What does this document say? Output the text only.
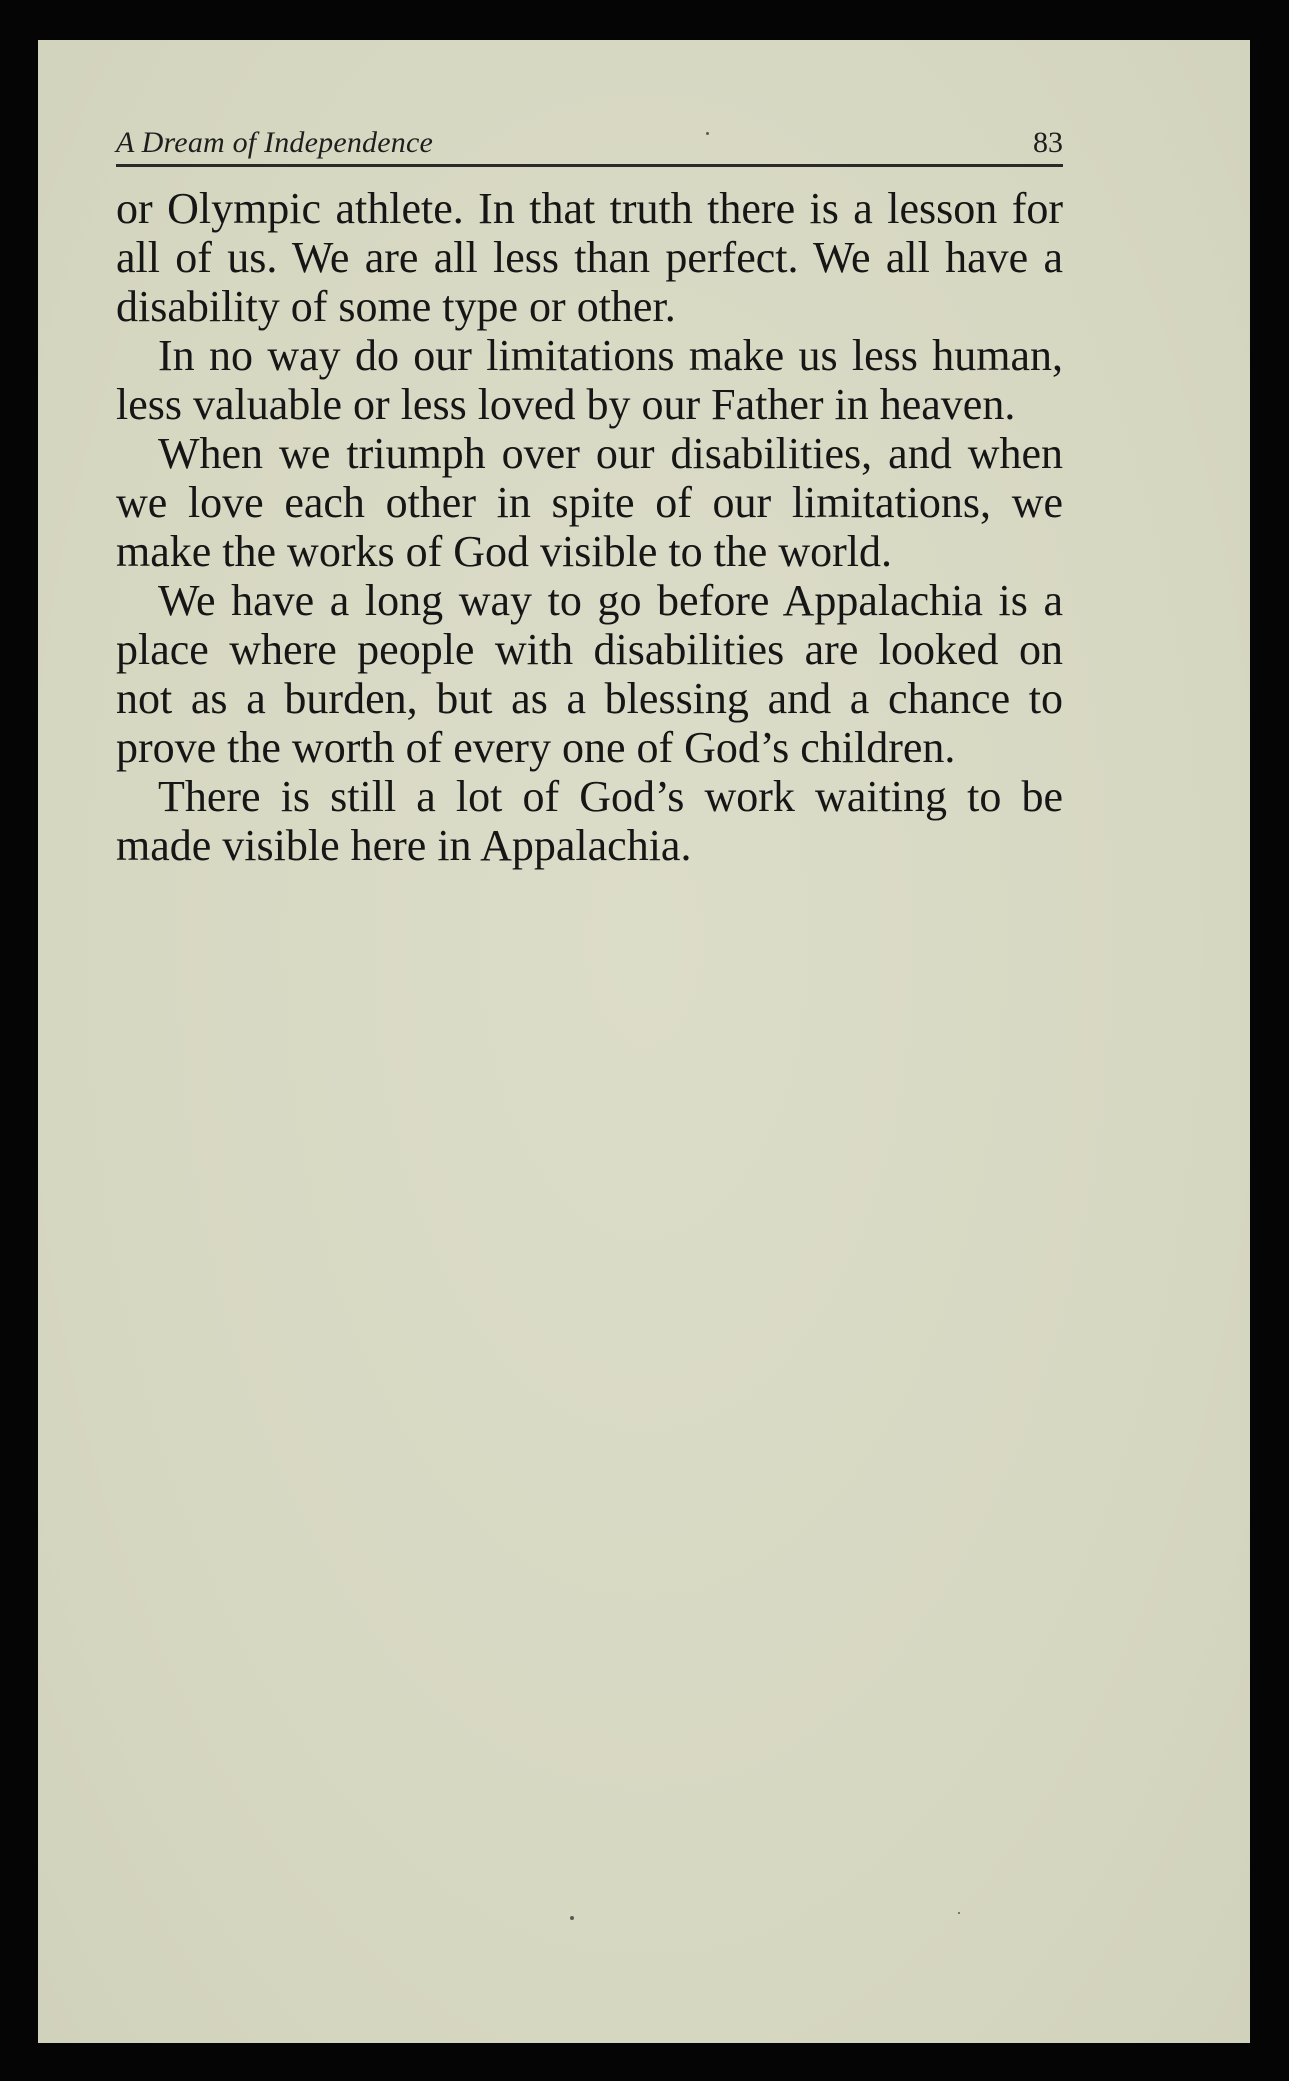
A Dream of Independence	83

or Olympic athlete. In that truth there is a lesson for all of us. We are all less than perfect. We all have a disability of some type or other.

In no way do our limitations make us less human, less valuable or less loved by our Father in heaven.

When we triumph over our disabilities, and when we love each other in spite of our limitations, we make the works of God visible to the world.

We have a long way to go before Appalachia is a place where people with disabilities are looked on not as a burden, but as a blessing and a chance to prove the worth of every one of God’s children.

There is still a lot of God’s work waiting to be made visible here in Appalachia.
